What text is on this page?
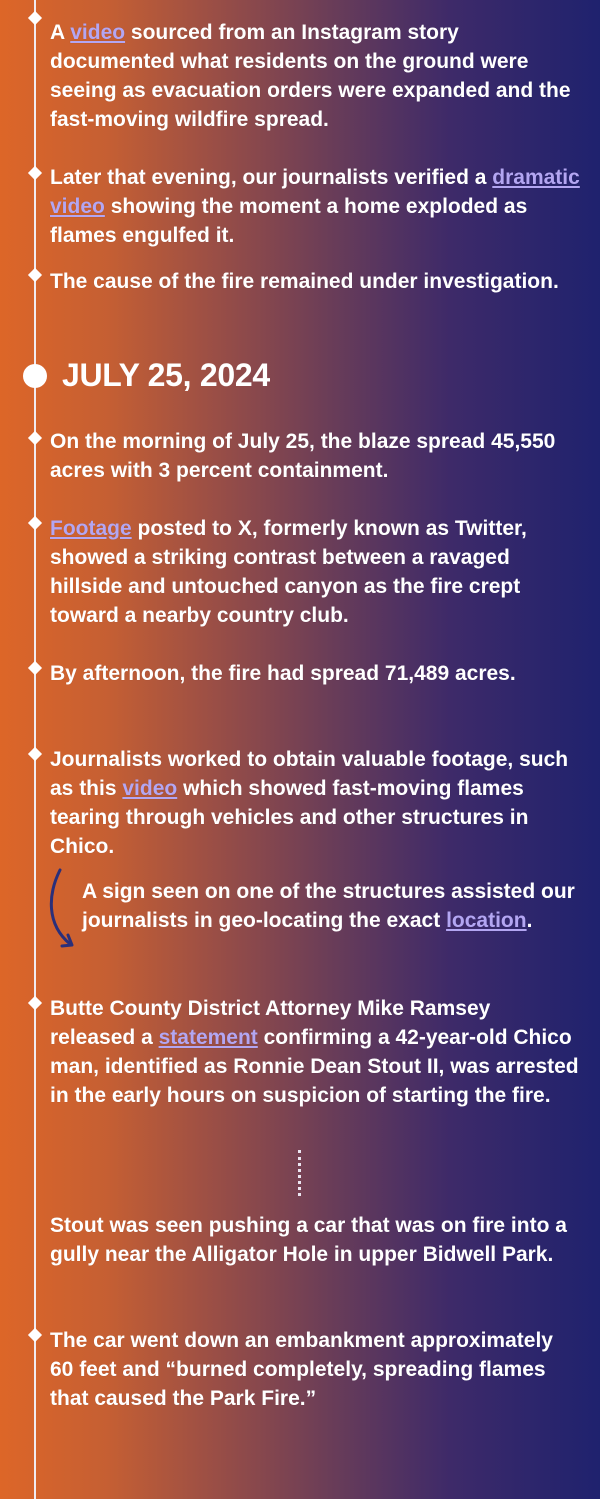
A video sourced from an Instagram story documented what residents on the ground were seeing as evacuation orders were expanded and the fast-moving wildfire spread.

Later that evening, our journalists verified a dramatic video showing the moment a home exploded as flames engulfed it.

The cause of the fire remained under investigation.

JULY 25, 2024

On the morning of July 25, the blaze spread 45,550 acres with 3 percent containment.

Footage posted to X, formerly known as Twitter, showed a striking contrast between a ravaged hillside and untouched canyon as the fire crept toward a nearby country club.

By afternoon, the fire had spread 71,489 acres.

Journalists worked to obtain valuable footage, such as this video which showed fast-moving flames tearing through vehicles and other structures in Chico.

A sign seen on one of the structures assisted our journalists in geo-locating the exact location.

Butte County District Attorney Mike Ramsey released a statement confirming a 42-year-old Chico man, identified as Ronnie Dean Stout II, was arrested in the early hours on suspicion of starting the fire.

Stout was seen pushing a car that was on fire into a gully near the Alligator Hole in upper Bidwell Park.

The car went down an embankment approximately 60 feet and “burned completely, spreading flames that caused the Park Fire.”
